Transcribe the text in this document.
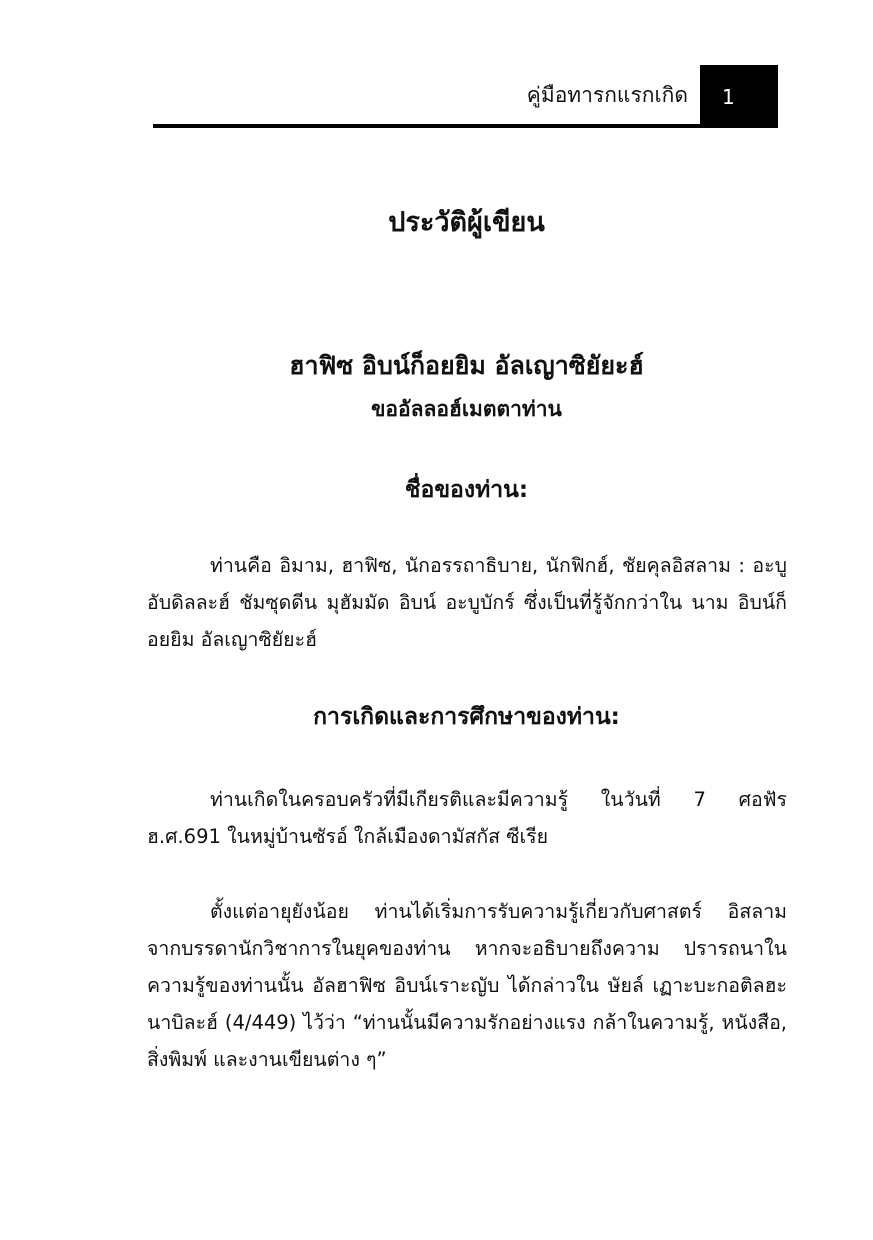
คู่มือทารกแรกเกิด 1
ประวัติผู้เขียน
ฮาฟิซ อิบน์ก็อยยิม อัลเญาซิยัยะฮ์
ขออัลลอฮ์เมตตาท่าน
ชื่อของท่าน:

ท่านคือ อิมาม, ฮาฟิซ, นักอรรถาธิบาย, นักฟิกฮ์, ชัยคุลอิสลาม : อะบูอับดิลละฮ์ ชัมซุดดีน มุฮัมมัด อิบน์ อะบูบักร์ ซึ่งเป็นที่รู้จักกว่าใน นาม อิบน์ก็อยยิม อัลเญาซิยัยะฮ์

การเกิดและการศึกษาของท่าน:

ท่านเกิดในครอบครัวที่มีเกียรติและมีความรู้ ในวันที่ 7 ศอฟัร ฮ.ศ.691 ในหมู่บ้านซัรอ์ ใกล้เมืองดามัสกัส ซีเรีย

ตั้งแต่อายุยังน้อย ท่านได้เริ่มการรับความรู้เกี่ยวกับศาสตร์ อิสลาม จากบรรดานักวิชาการในยุคของท่าน หากจะอธิบายถึงความ ปรารถนาในความรู้ของท่านนั้น อัลฮาฟิซ อิบน์เราะญับ ได้กล่าวใน ษัยล์ เฏาะบะกอติลฮะนาบิละฮ์ (4/449) ไว้ว่า “ท่านนั้นมีความรักอย่างแรง กล้าในความรู้, หนังสือ, สิ่งพิมพ์ และงานเขียนต่าง ๆ”
